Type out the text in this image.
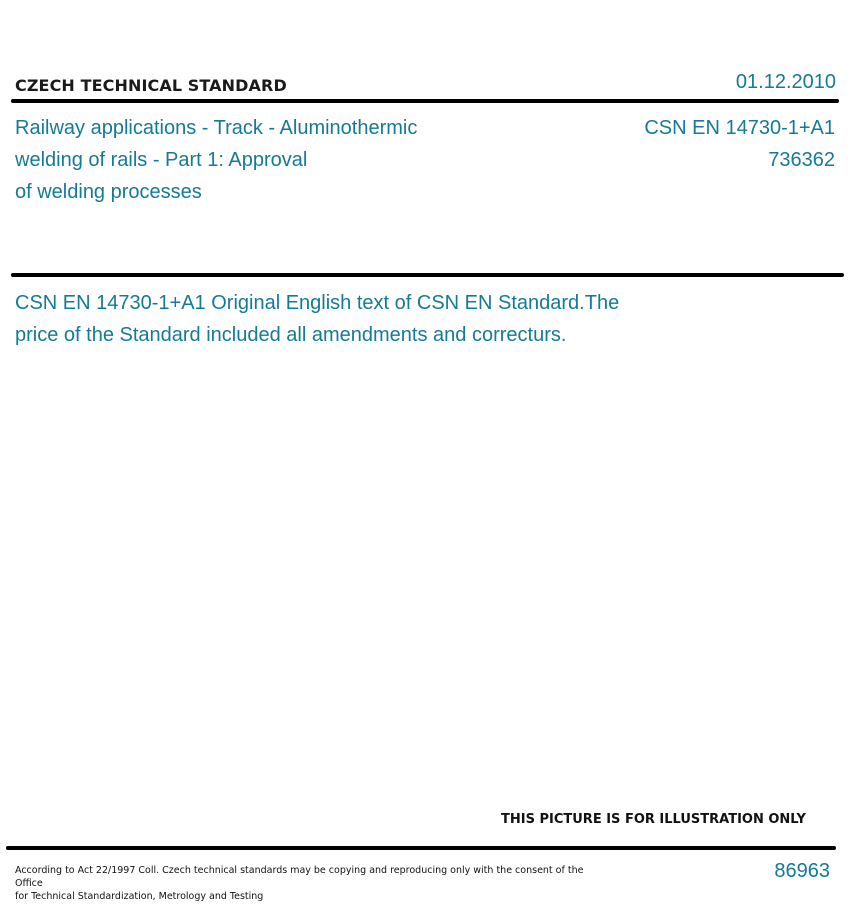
CZECH TECHNICAL STANDARD	01.12.2010
Railway applications - Track - Aluminothermic
welding of rails - Part 1: Approval
of welding processes
CSN EN 14730-1+A1
736362
CSN EN 14730-1+A1 Original English text of CSN EN Standard.The
price of the Standard included all amendments and correcturs.
THIS PICTURE IS FOR ILLUSTRATION ONLY
According to Act 22/1997 Coll. Czech technical standards may be copying and reproducing only with the consent of the Office
for Technical Standardization, Metrology and Testing
86963
